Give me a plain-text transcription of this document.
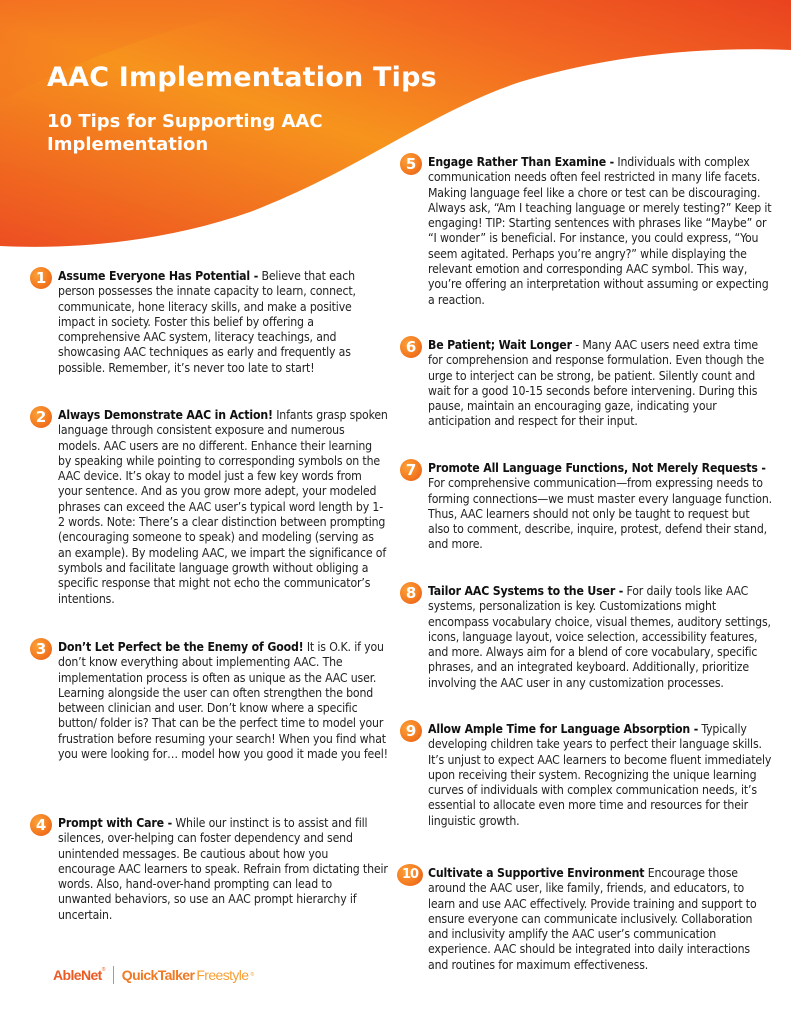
AAC Implementation Tips
10 Tips for Supporting AAC Implementation
1 Assume Everyone Has Potential - Believe that each person possesses the innate capacity to learn, connect, communicate, hone literacy skills, and make a positive impact in society. Foster this belief by offering a comprehensive AAC system, literacy teachings, and showcasing AAC techniques as early and frequently as possible. Remember, it’s never too late to start!
2 Always Demonstrate AAC in Action! Infants grasp spoken language through consistent exposure and numerous models. AAC users are no different. Enhance their learning by speaking while pointing to corresponding symbols on the AAC device. It’s okay to model just a few key words from your sentence. And as you grow more adept, your modeled phrases can exceed the AAC user’s typical word length by 1-2 words. Note: There’s a clear distinction between prompting (encouraging someone to speak) and modeling (serving as an example). By modeling AAC, we impart the significance of symbols and facilitate language growth without obliging a specific response that might not echo the communicator’s intentions.
3 Don’t Let Perfect be the Enemy of Good! It is O.K. if you don’t know everything about implementing AAC. The implementation process is often as unique as the AAC user. Learning alongside the user can often strengthen the bond between clinician and user. Don’t know where a specific button/ folder is? That can be the perfect time to model your frustration before resuming your search! When you find what you were looking for… model how you good it made you feel!
4 Prompt with Care - While our instinct is to assist and fill silences, over-helping can foster dependency and send unintended messages. Be cautious about how you encourage AAC learners to speak. Refrain from dictating their words. Also, hand-over-hand prompting can lead to unwanted behaviors, so use an AAC prompt hierarchy if uncertain.
5 Engage Rather Than Examine - Individuals with complex communication needs often feel restricted in many life facets. Making language feel like a chore or test can be discouraging. Always ask, “Am I teaching language or merely testing?” Keep it engaging! TIP: Starting sentences with phrases like “Maybe” or “I wonder” is beneficial. For instance, you could express, “You seem agitated. Perhaps you’re angry?” while displaying the relevant emotion and corresponding AAC symbol. This way, you’re offering an interpretation without assuming or expecting a reaction.
6 Be Patient; Wait Longer - Many AAC users need extra time for comprehension and response formulation. Even though the urge to interject can be strong, be patient. Silently count and wait for a good 10-15 seconds before intervening. During this pause, maintain an encouraging gaze, indicating your anticipation and respect for their input.
7 Promote All Language Functions, Not Merely Requests - For comprehensive communication—from expressing needs to forming connections—we must master every language function. Thus, AAC learners should not only be taught to request but also to comment, describe, inquire, protest, defend their stand, and more.
8 Tailor AAC Systems to the User - For daily tools like AAC systems, personalization is key. Customizations might encompass vocabulary choice, visual themes, auditory settings, icons, language layout, voice selection, accessibility features, and more. Always aim for a blend of core vocabulary, specific phrases, and an integrated keyboard. Additionally, prioritize involving the AAC user in any customization processes.
9 Allow Ample Time for Language Absorption - Typically developing children take years to perfect their language skills. It’s unjust to expect AAC learners to become fluent immediately upon receiving their system. Recognizing the unique learning curves of individuals with complex communication needs, it’s essential to allocate even more time and resources for their linguistic growth.
10 Cultivate a Supportive Environment Encourage those around the AAC user, like family, friends, and educators, to learn and use AAC effectively. Provide training and support to ensure everyone can communicate inclusively. Collaboration and inclusivity amplify the AAC user’s communication experience. AAC should be integrated into daily interactions and routines for maximum effectiveness.
AbleNet® QuickTalker Freestyle ®
